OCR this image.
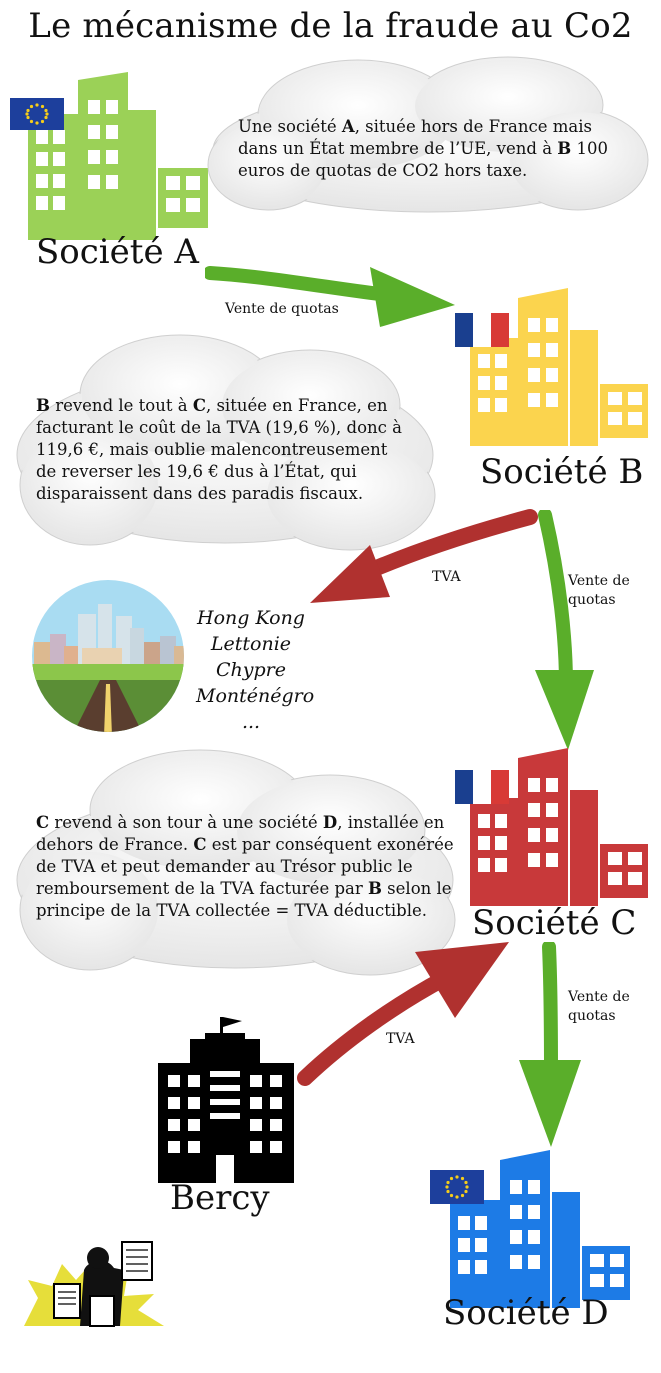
Le mécanisme de la fraude au Co2
Société A
Une société A, située hors de France mais dans un État membre de l’UE, vend à B 100 euros de quotas de CO2 hors taxe.
Vente de quotas
Société B
B revend le tout à C, située en France, en facturant le coût de la TVA (19,6 %), donc à 119,6 €, mais oublie malencontreusement de reverser les 19,6 € dus à l’État, qui disparaissent dans des paradis fiscaux.
TVA	Vente de
quotas
Hong Kong
Lettonie
Chypre
Monténégro
...
Société C
C revend à son tour à une société D, installée en dehors de France. C est par conséquent exonérée de TVA et peut demander au Trésor public le remboursement de la TVA facturée par B selon le principe de la TVA collectée = TVA déductible.
TVA
Vente de
quotas
Bercy
Société D
